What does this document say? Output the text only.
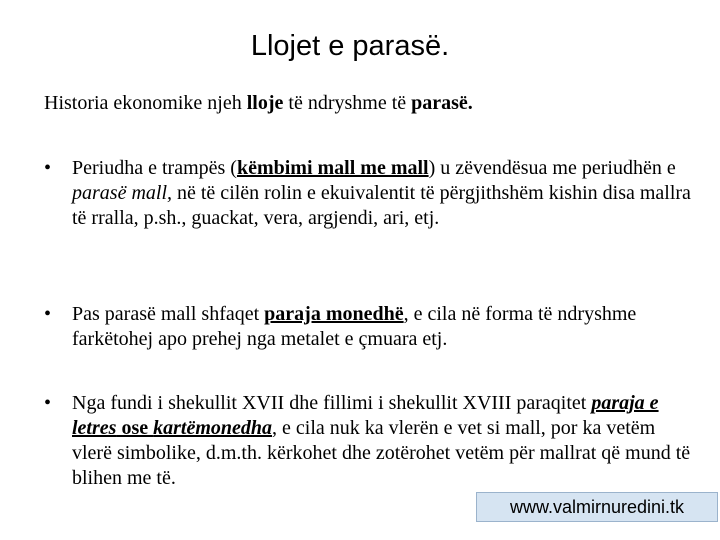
Llojet e parasë.
Historia ekonomike njeh lloje të ndryshme të parasë.
• Periudha e trampës (këmbimi mall me mall) u zëvendësua me periudhën e parasë mall, në të cilën rolin e ekuivalentit të përgjithshëm kishin disa mallra të rralla, p.sh., guackat, vera, argjendi, ari, etj.
• Pas parasë mall shfaqet paraja monedhë, e cila në forma të ndryshme farkëtohej apo prehej nga metalet e çmuara etj.
• Nga fundi i shekullit XVII dhe fillimi i shekullit XVIII paraqitet paraja e letres ose kartëmonedha, e cila nuk ka vlerën e vet si mall, por ka vetëm vlerë simbolike, d.m.th. kërkohet dhe zotërohet vetëm për mallrat që mund të blihen me të.
www.valmirnuredini.tk
